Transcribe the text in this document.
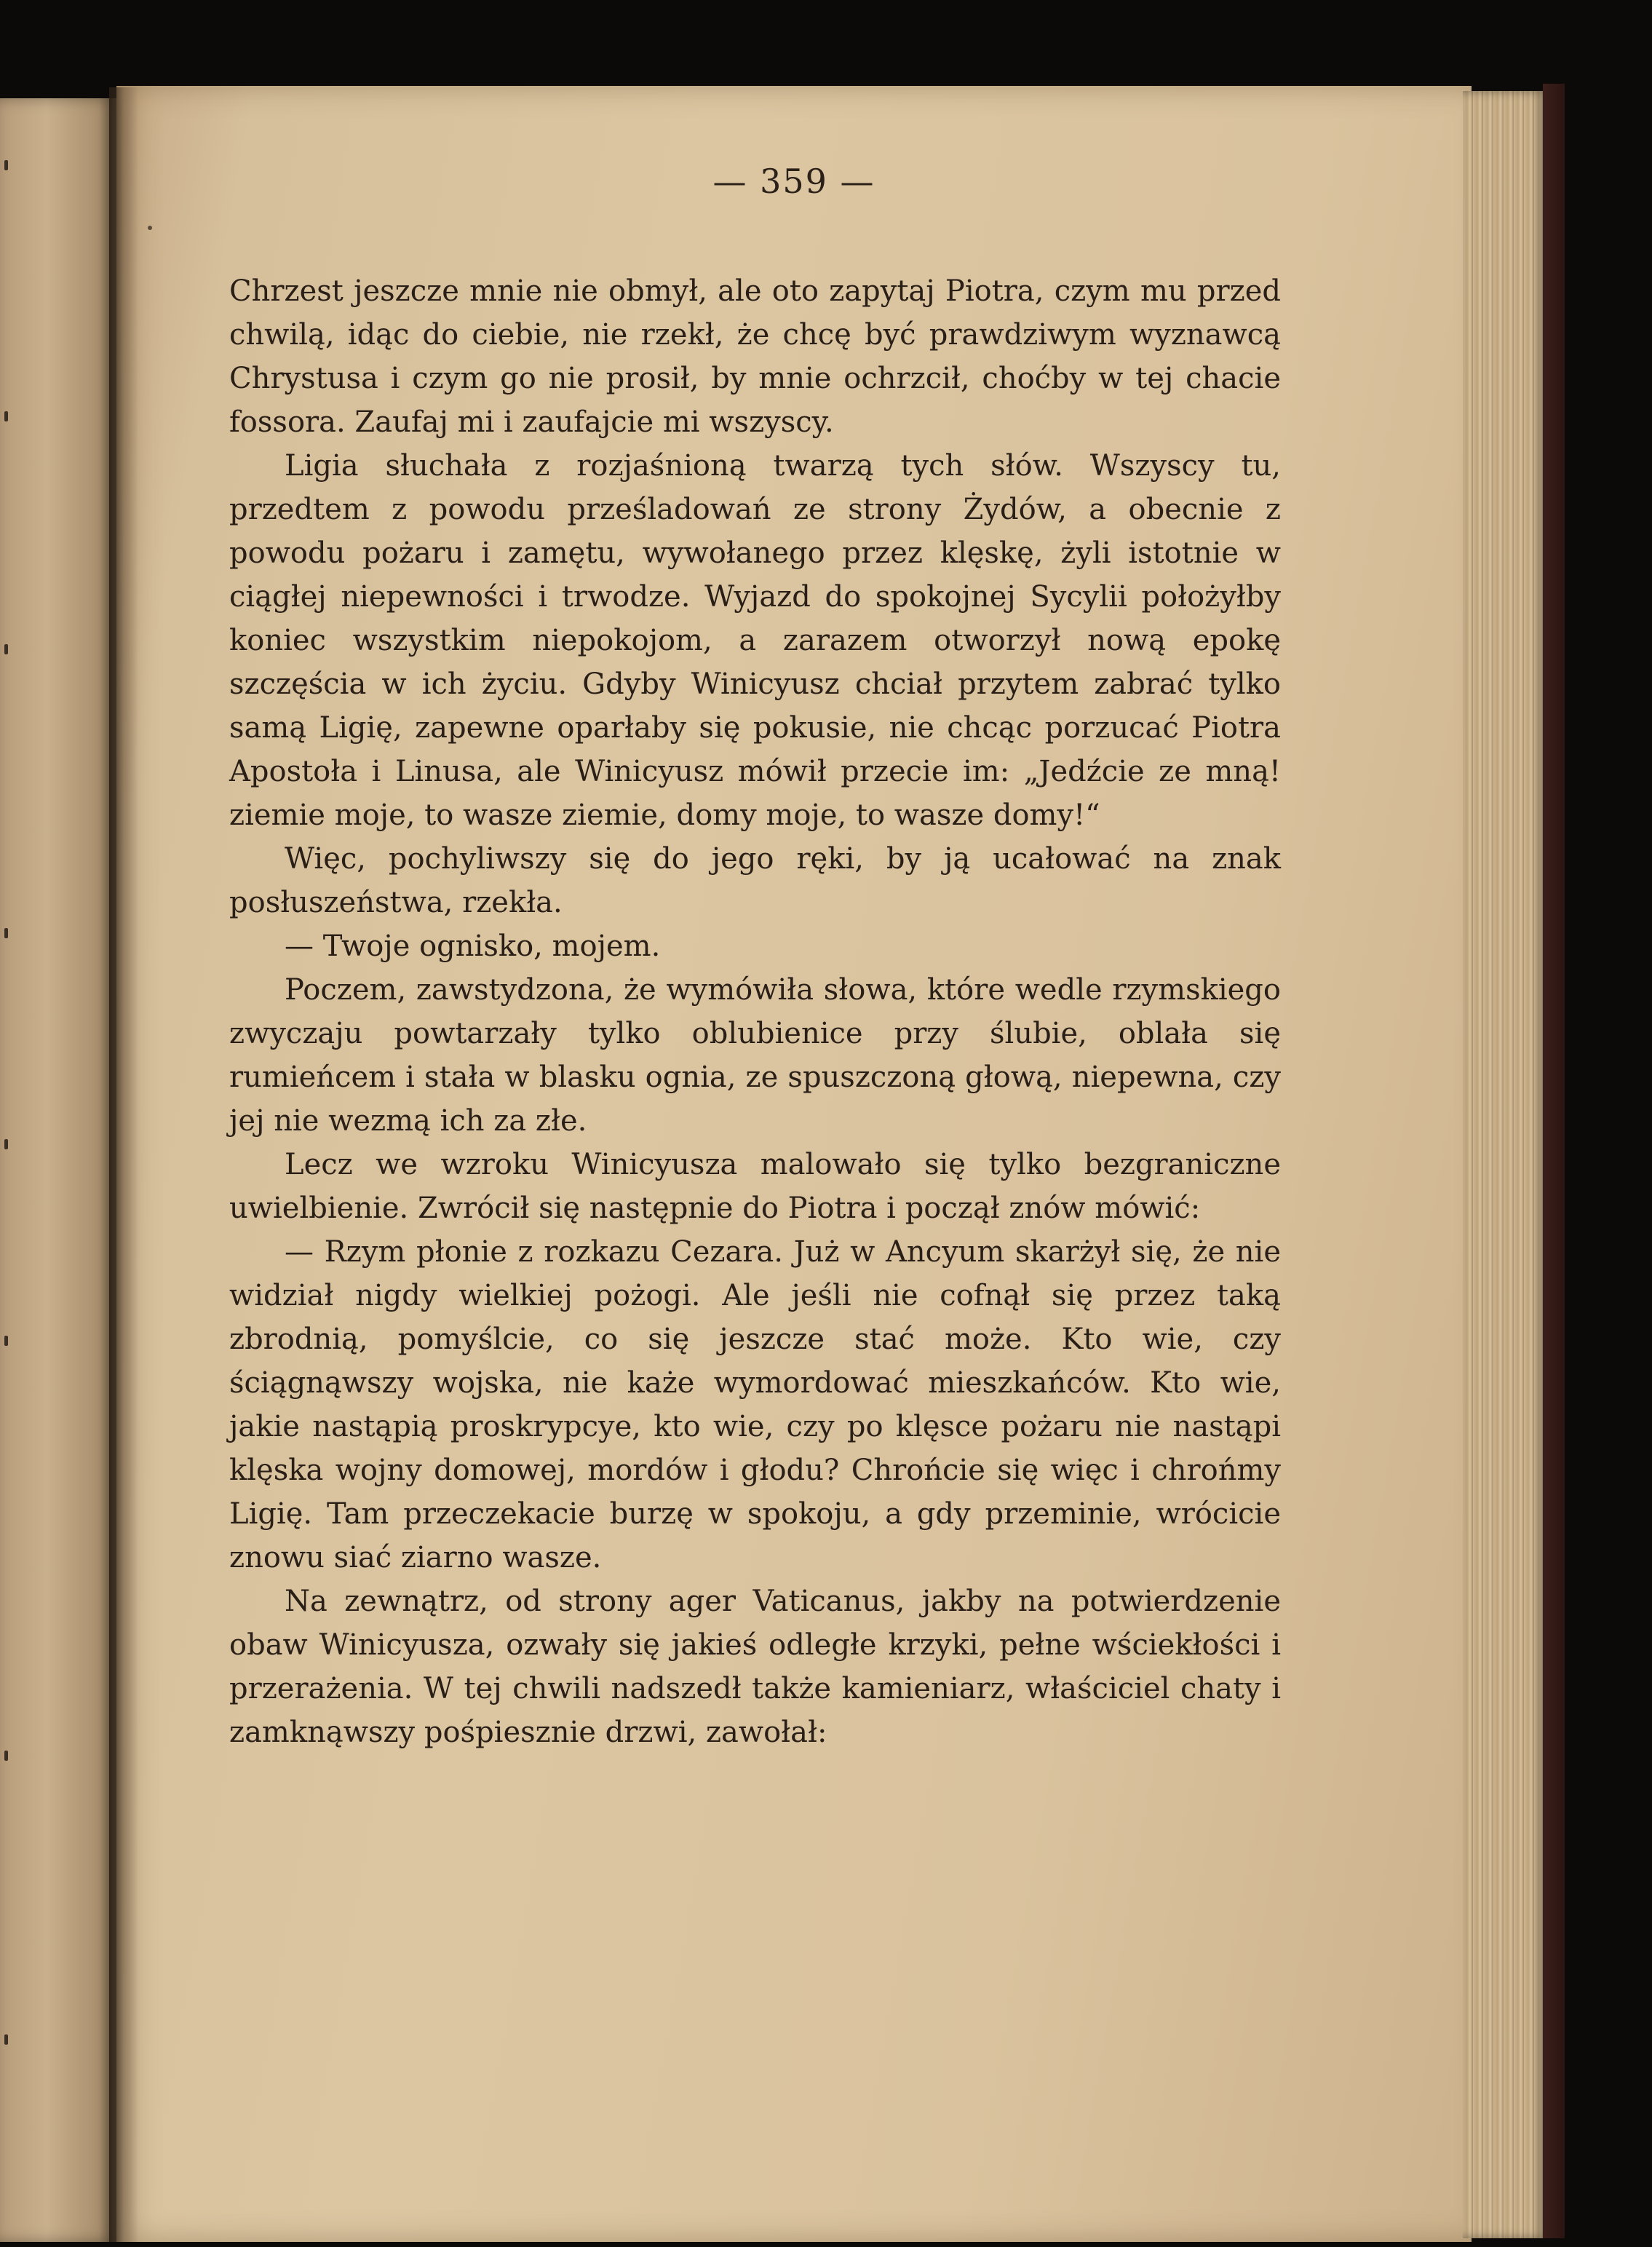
— 359 —

Chrzest jeszcze mnie nie obmył, ale oto zapytaj Piotra, czym mu przed chwilą, idąc do ciebie, nie rzekł, że chcę być prawdziwym wyznawcą Chrystusa i czym go nie prosił, by mnie ochrzcił, choćby w tej chacie fossora. Zaufaj mi i zaufajcie mi wszyscy.

Ligia słuchała z rozjaśnioną twarzą tych słów. Wszyscy tu, przedtem z powodu prześladowań ze strony Żydów, a obecnie z powodu pożaru i zamętu, wywołanego przez klęskę, żyli istotnie w ciągłej niepewności i trwodze. Wyjazd do spokojnej Sycylii położyłby koniec wszystkim niepokojom, a zarazem otworzył nową epokę szczęścia w ich życiu. Gdyby Winicyusz chciał przytem zabrać tylko samą Ligię, zapewne oparłaby się pokusie, nie chcąc porzucać Piotra Apostoła i Linusa, ale Winicyusz mówił przecie im: „Jedźcie ze mną! ziemie moje, to wasze ziemie, domy moje, to wasze domy!“

Więc, pochyliwszy się do jego ręki, by ją ucałować na znak posłuszeństwa, rzekła.

— Twoje ognisko, mojem.

Poczem, zawstydzona, że wymówiła słowa, które wedle rzymskiego zwyczaju powtarzały tylko oblubienice przy ślubie, oblała się rumieńcem i stała w blasku ognia, ze spuszczoną głową, niepewna, czy jej nie wezmą ich za złe.

Lecz we wzroku Winicyusza malowało się tylko bezgraniczne uwielbienie. Zwrócił się następnie do Piotra i począł znów mówić:

— Rzym płonie z rozkazu Cezara. Już w Ancyum skarżył się, że nie widział nigdy wielkiej pożogi. Ale jeśli nie cofnął się przez taką zbrodnią, pomyślcie, co się jeszcze stać może. Kto wie, czy ściągnąwszy wojska, nie każe wymordować mieszkańców. Kto wie, jakie nastąpią proskrypcye, kto wie, czy po klęsce pożaru nie nastąpi klęska wojny domowej, mordów i głodu? Chrońcie się więc i chrońmy Ligię. Tam przeczekacie burzę w spokoju, a gdy przeminie, wrócicie znowu siać ziarno wasze.

Na zewnątrz, od strony ager Vaticanus, jakby na potwierdzenie obaw Winicyusza, ozwały się jakieś odległe krzyki, pełne wściekłości i przerażenia. W tej chwili nadszedł także kamieniarz, właściciel chaty i zamknąwszy pośpiesznie drzwi, zawołał:
